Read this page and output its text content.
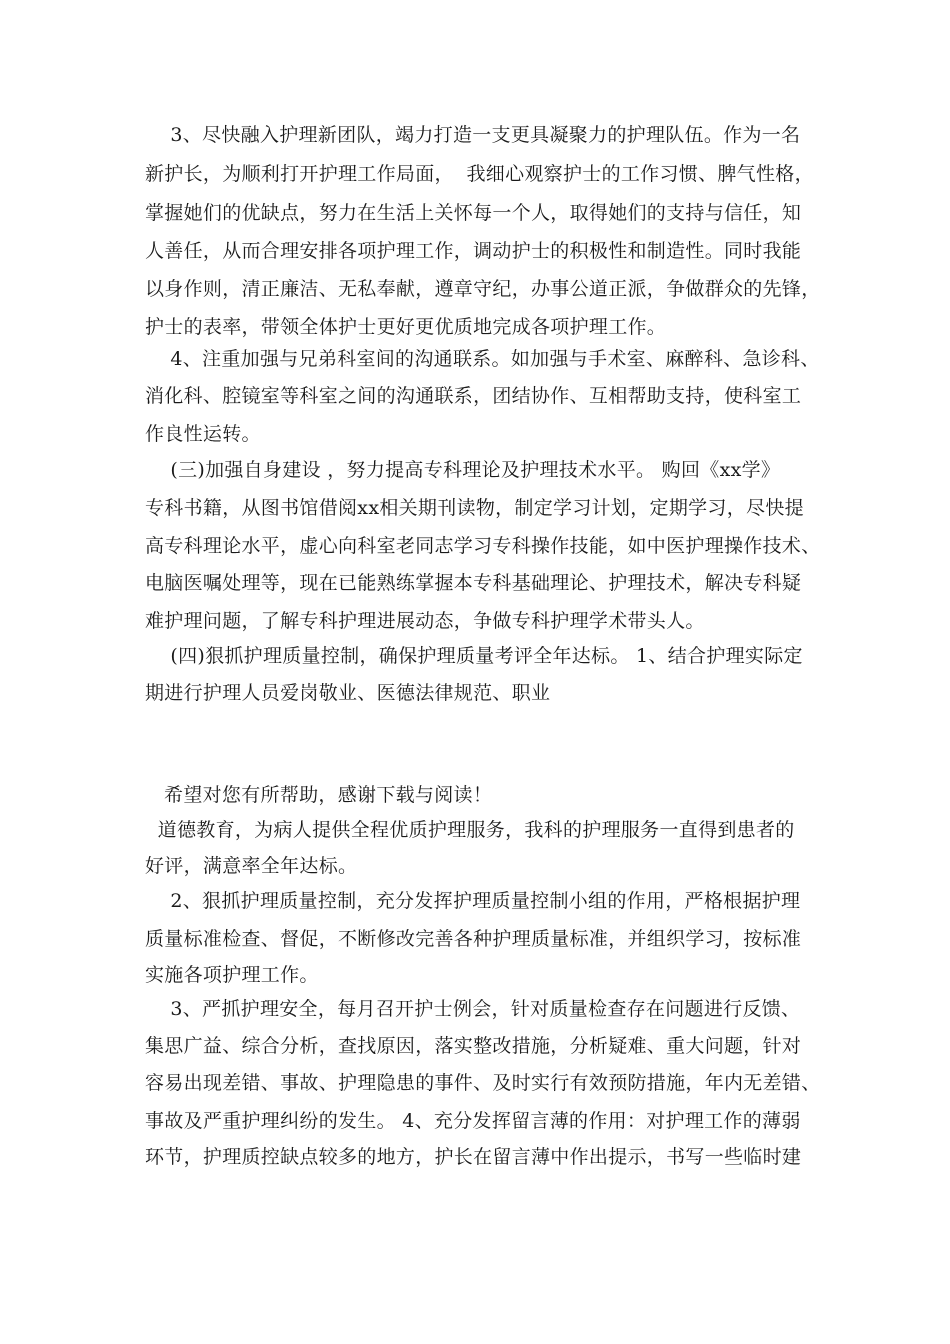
3、尽快融入护理新团队，竭力打造一支更具凝聚力的护理队伍。作为一名
新护长，为顺利打开护理工作局面，  我细心观察护士的工作习惯、脾气性格，
掌握她们的优缺点，努力在生活上关怀每一个人，取得她们的支持与信任，知
人善任，从而合理安排各项护理工作，调动护士的积极性和制造性。同时我能
以身作则，清正廉洁、无私奉献，遵章守纪，办事公道正派，争做群众的先锋，
护士的表率，带领全体护士更好更优质地完成各项护理工作。
4、注重加强与兄弟科室间的沟通联系。如加强与手术室、麻醉科、急诊科、
消化科、腔镜室等科室之间的沟通联系，团结协作、互相帮助支持，使科室工
作良性运转。
(三)加强自身建设 ，努力提高专科理论及护理技术水平。 购回《xx学》
专科书籍，从图书馆借阅xx相关期刊读物，制定学习计划，定期学习，尽快提
高专科理论水平，虚心向科室老同志学习专科操作技能，如中医护理操作技术、
电脑医嘱处理等，现在已能熟练掌握本专科基础理论、护理技术，解决专科疑
难护理问题，了解专科护理进展动态，争做专科护理学术带头人。
(四)狠抓护理质量控制，确保护理质量考评全年达标。 1、结合护理实际定
期进行护理人员爱岗敬业、医德法律规范、职业
希望对您有所帮助，感谢下载与阅读！
道德教育，为病人提供全程优质护理服务，我科的护理服务一直得到患者的
好评，满意率全年达标。
2、狠抓护理质量控制，充分发挥护理质量控制小组的作用，严格根据护理
质量标准检查、督促，不断修改完善各种护理质量标准，并组织学习，按标准
实施各项护理工作。
3、严抓护理安全，每月召开护士例会，针对质量检查存在问题进行反馈、
集思广益、综合分析，查找原因，落实整改措施，分析疑难、重大问题，针对
容易出现差错、事故、护理隐患的事件、及时实行有效预防措施，年内无差错、
事故及严重护理纠纷的发生。 4、充分发挥留言薄的作用：对护理工作的薄弱
环节，护理质控缺点较多的地方，护长在留言薄中作出提示，书写一些临时建
